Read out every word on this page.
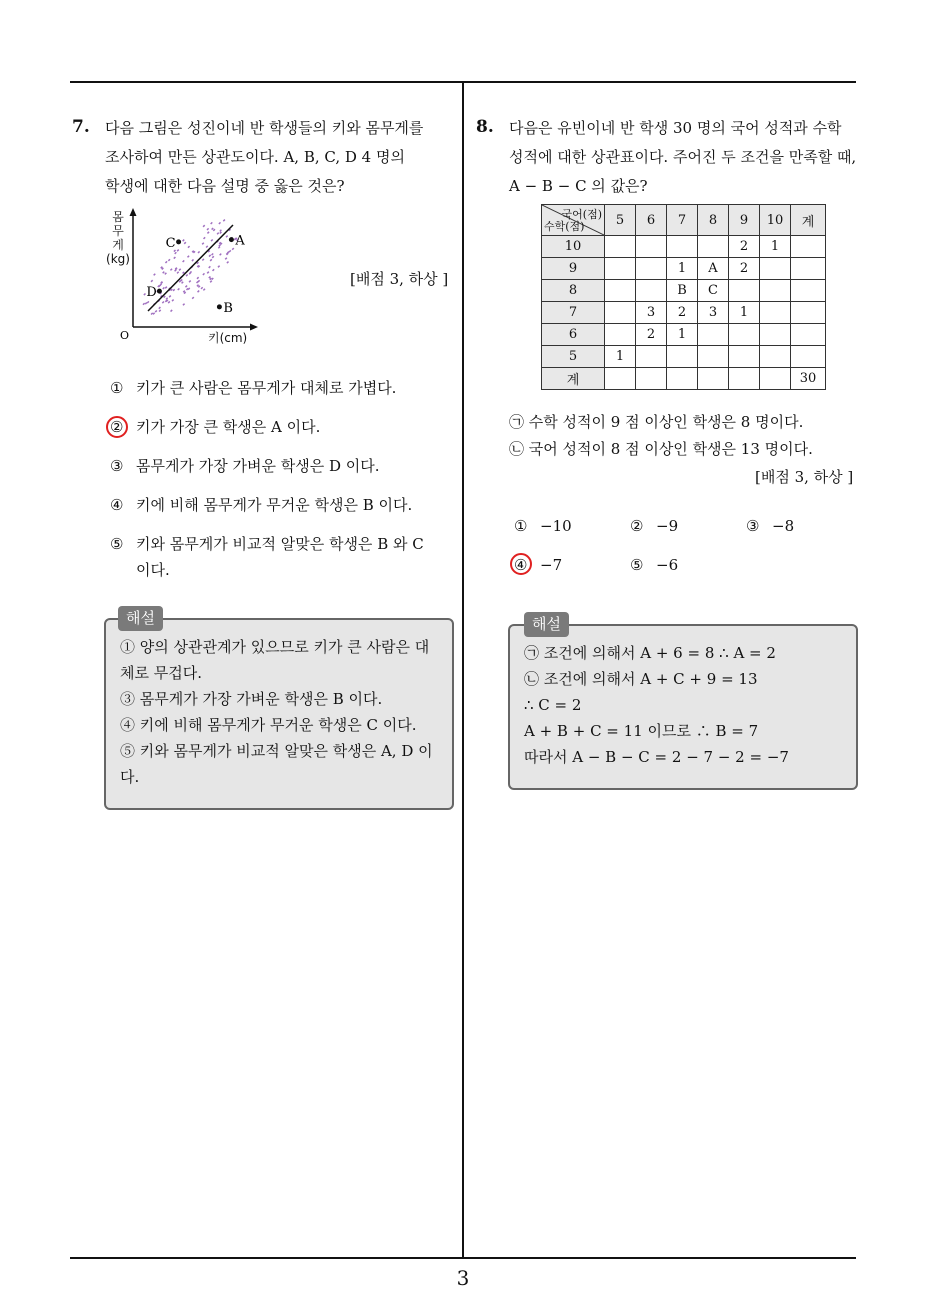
7. 다음 그림은 성진이네 반 학생들의 키와 몸무게를
조사하여 만든 상관도이다. A, B, C, D 4 명의
학생에 대한 다음 설명 중 옳은 것은?
A
B
C
D
O
몸
무
게
(kg)
키(cm)
[배점 3, 하상 ]
① 키가 큰 사람은 몸무게가 대체로 가볍다.
② 키가 가장 큰 학생은 A 이다.
③ 몸무게가 가장 가벼운 학생은 D 이다.
④ 키에 비해 몸무게가 무거운 학생은 B 이다.
⑤ 키와 몸무게가 비교적 알맞은 학생은 B 와 C
이다.
① 양의 상관관계가 있으므로 키가 큰 사람은 대
체로 무겁다.
③ 몸무게가 가장 가벼운 학생은 B 이다.
④ 키에 비해 몸무게가 무거운 학생은 C 이다.
⑤ 키와 몸무게가 비교적 알맞은 학생은 A, D 이
다.
해설
8. 다음은 유빈이네 반 학생 30 명의 국어 성적과 수학
성적에 대한 상관표이다. 주어진 두 조건을 만족할 때,
A − B − C 의 값은?
국어(점)
수학(점)	5	6	7	8	9	10	계
10					2	1	
9			1	A	2		
8			B	C			
7		3	2	3	1		
6		2	1				
5	1						
계							30
㉠ 수학 성적이 9 점 이상인 학생은 8 명이다.
㉡ 국어 성적이 8 점 이상인 학생은 13 명이다.
[배점 3, 하상 ]
① −10	② −9	③ −8
④ −7	⑤ −6
㉠ 조건에 의해서 A + 6 = 8 ∴ A = 2
㉡ 조건에 의해서 A + C + 9 = 13
∴ C = 2
A + B + C = 11 이므로 ∴ B = 7
따라서 A − B − C = 2 − 7 − 2 = −7
해설
3
